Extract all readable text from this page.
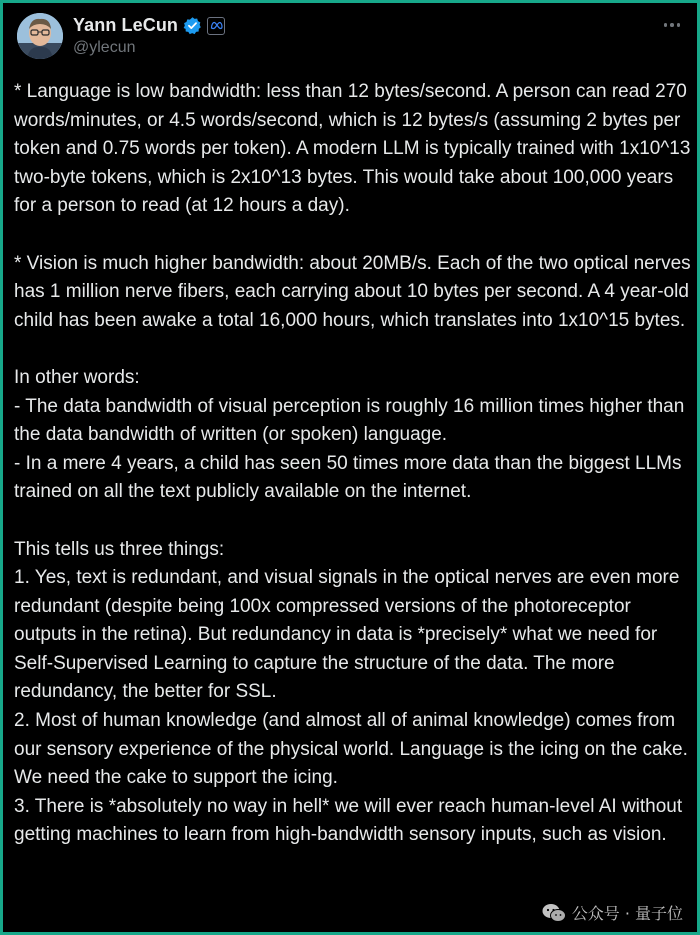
Yann LeCun
@ylecun

* Language is low bandwidth: less than 12 bytes/second. A person can read 270 words/minutes, or 4.5 words/second, which is 12 bytes/s (assuming 2 bytes per token and 0.75 words per token). A modern LLM is typically trained with 1x10^13 two-byte tokens, which is 2x10^13 bytes. This would take about 100,000 years for a person to read (at 12 hours a day).

* Vision is much higher bandwidth: about 20MB/s. Each of the two optical nerves has 1 million nerve fibers, each carrying about 10 bytes per second. A 4 year-old child has been awake a total 16,000 hours, which translates into 1x10^15 bytes.

In other words:
- The data bandwidth of visual perception is roughly 16 million times higher than the data bandwidth of written (or spoken) language.
- In a mere 4 years, a child has seen 50 times more data than the biggest LLMs trained on all the text publicly available on the internet.

This tells us three things:
1. Yes, text is redundant, and visual signals in the optical nerves are even more redundant (despite being 100x compressed versions of the photoreceptor outputs in the retina). But redundancy in data is *precisely* what we need for Self-Supervised Learning to capture the structure of the data. The more redundancy, the better for SSL.
2. Most of human knowledge (and almost all of animal knowledge) comes from our sensory experience of the physical world. Language is the icing on the cake. We need the cake to support the icing.
3. There is *absolutely no way in hell* we will ever reach human-level AI without getting machines to learn from high-bandwidth sensory inputs, such as vision.

公众号 · 量子位
